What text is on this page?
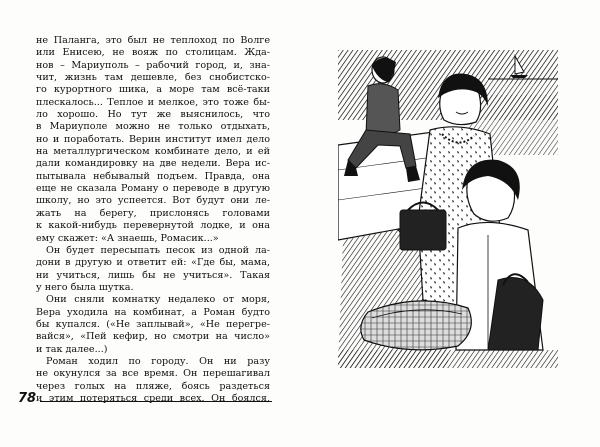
не Паланга, это был не теплоход по Волге
или Енисею, не вояж по столицам. Жда-
нов – Мариуполь – рабочий город, и, зна-
чит, жизнь там дешевле, без снобистско-
го курортного шика, а море там всё-таки
плескалось... Теплое и мелкое, это тоже бы-
ло хорошо. Но тут же выяснилось, что
в Мариуполе можно не только отдыхать,
но и поработать. Верин институт имел дело
на металлургическом комбинате дело, и ей
дали командировку на две недели. Вера ис-
пытывала небывалый подъем. Правда, она
еще не сказала Роману о переводе в другую
школу, но это успеется. Вот будут они ле-
жать на берегу, прислонясь головами
к какой-нибудь перевернутой лодке, и она
ему скажет: «А знаешь, Ромасик...»
Он будет пересыпать песок из одной ла-
дони в другую и ответит ей: «Где бы, мама,
ни учиться, лишь бы не учиться». Такая
у него была шутка.
Они сняли комнатку недалеко от моря,
Вера уходила на комбинат, а Роман будто
бы купался. («Не заплывай», «Не перегре-
вайся», «Пей кефир, но смотри на число»
и так далее...)
Роман ходил по городу. Он ни разу
не окунулся за все время. Он перешагивал
через голых на пляже, боясь раздеться
и этим потеряться среди всех. Он боялся,

78
